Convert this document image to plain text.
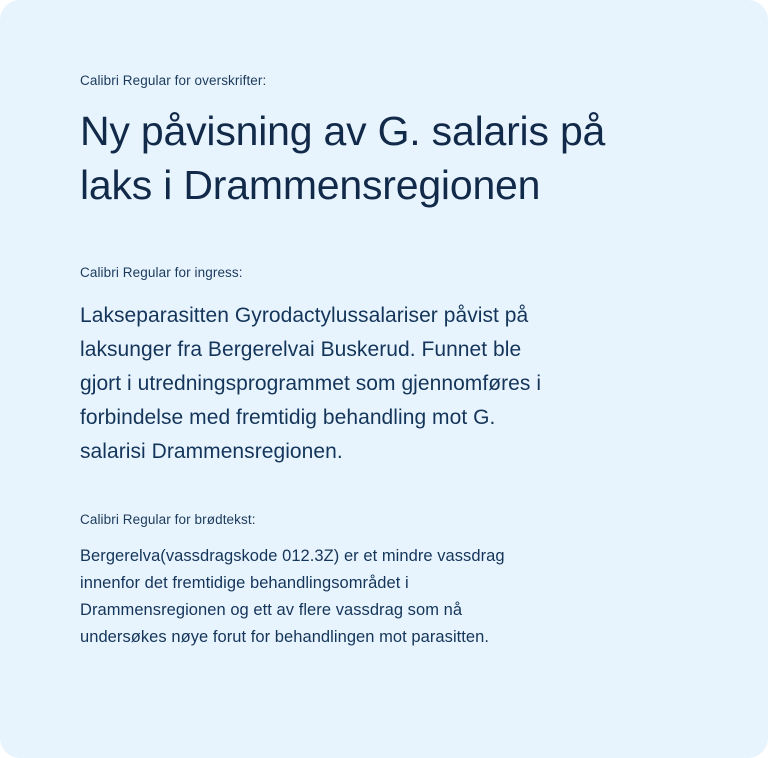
Calibri Regular for overskrifter:

Ny påvisning av G. salaris på laks i Drammensregionen

Calibri Regular for ingress:

Lakseparasitten Gyrodactylussalariser påvist på laksunger fra Bergerelvai Buskerud. Funnet ble gjort i utredningsprogrammet som gjennomføres i forbindelse med fremtidig behandling mot G. salarisi Drammensregionen.

Calibri Regular for brødtekst:

Bergerelva(vassdragskode 012.3Z) er et mindre vassdrag innenfor det fremtidige behandlingsområdet i Drammensregionen og ett av flere vassdrag som nå undersøkes nøye forut for behandlingen mot parasitten.
